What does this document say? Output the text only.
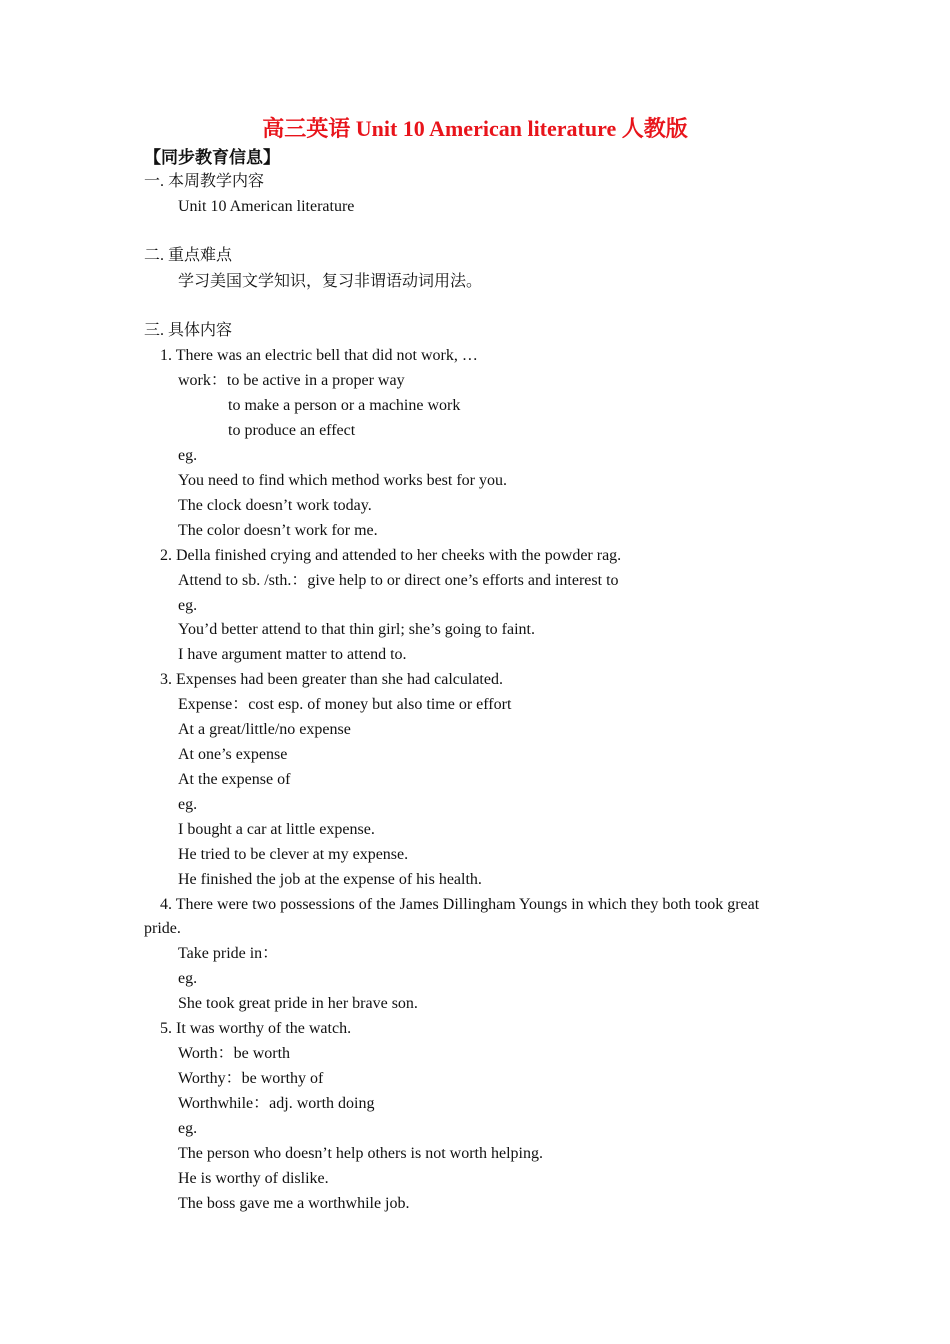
高三英语 Unit 10 American literature 人教版
【同步教育信息】
一. 本周教学内容
Unit 10 American literature
二. 重点难点
学习美国文学知识，复习非谓语动词用法。
三. 具体内容
1. There was an electric bell that did not work, …
work：to be active in a proper way
to make a person or a machine work
to produce an effect
eg.
You need to find which method works best for you.
The clock doesn’t work today.
The color doesn’t work for me.
2. Della finished crying and attended to her cheeks with the powder rag.
Attend to sb. /sth.：give help to or direct one’s efforts and interest to
eg.
You’d better attend to that thin girl; she’s going to faint.
I have argument matter to attend to.
3. Expenses had been greater than she had calculated.
Expense：cost esp. of money but also time or effort
At a great/little/no expense
At one’s expense
At the expense of
eg.
I bought a car at little expense.
He tried to be clever at my expense.
He finished the job at the expense of his health.
4. There were two possessions of the James Dillingham Youngs in which they both took great
pride.
Take pride in：
eg.
She took great pride in her brave son.
5. It was worthy of the watch.
Worth：be worth
Worthy：be worthy of
Worthwhile：adj. worth doing
eg.
The person who doesn’t help others is not worth helping.
He is worthy of dislike.
The boss gave me a worthwhile job.
